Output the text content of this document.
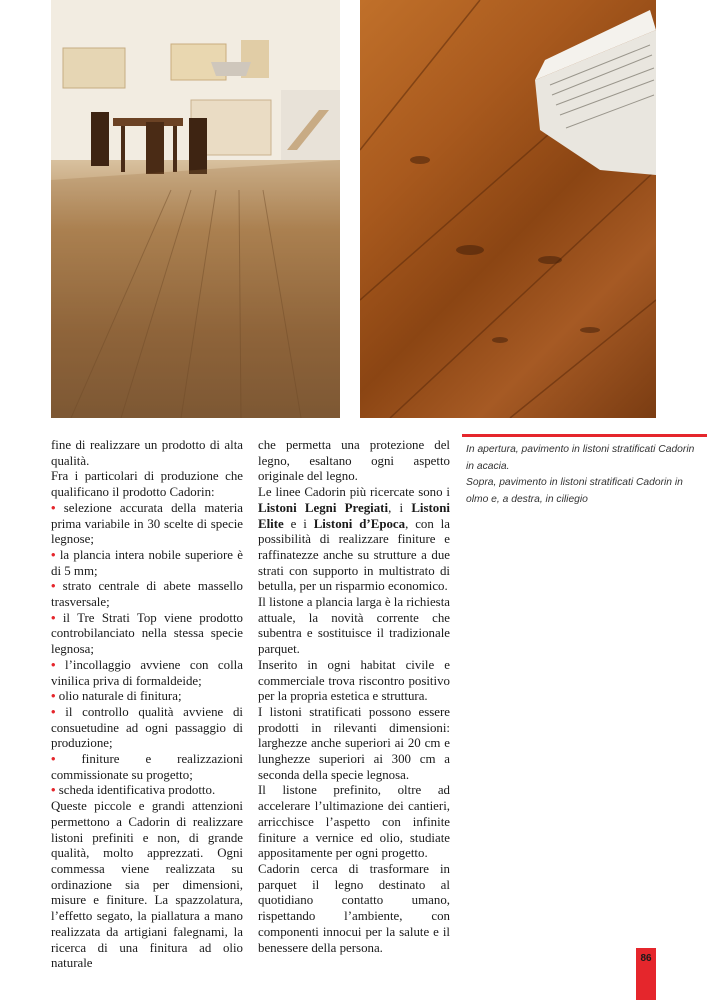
fine di realizzare un prodotto di alta qualità.

Fra i particolari di produzione che qualificano il prodotto Cadorin:

• selezione accurata della materia prima variabile in 30 scelte di specie legnose;
• la plancia intera nobile superiore è di 5 mm;
• strato centrale di abete massello trasversale;
• il Tre Strati Top viene prodotto controbilanciato nella stessa specie legnosa;
• l’incollaggio avviene con colla vinilica priva di formaldeide;
• olio naturale di finitura;
• il controllo qualità avviene di consuetudine ad ogni passaggio di produzione;
• finiture e realizzazioni commissionate su progetto;
• scheda identificativa prodotto.

Queste piccole e grandi attenzioni permettono a Cadorin di realizzare listoni prefiniti e non, di grande qualità, molto apprezzati. Ogni commessa viene realizzata su ordinazione sia per dimensioni, misure e finiture. La spazzolatura, l’effetto segato, la piallatura a mano realizzata da artigiani falegnami, la ricerca di una finitura ad olio naturale

che permetta una protezione del legno, esaltano ogni aspetto originale del legno.

Le linee Cadorin più ricercate sono i Listoni Legni Pregiati, i Listoni Elite e i Listoni d’Epoca, con la possibilità di realizzare finiture e raffinatezze anche su strutture a due strati con supporto in multistrato di betulla, per un risparmio economico.

Il listone a plancia larga è la richiesta attuale, la novità corrente che subentra e sostituisce il tradizionale parquet.

Inserito in ogni habitat civile e commerciale trova riscontro positivo per la propria estetica e struttura.

I listoni stratificati possono essere prodotti in rilevanti dimensioni: larghezze anche superiori ai 20 cm e lunghezze superiori ai 300 cm a seconda della specie legnosa.

Il listone prefinito, oltre ad accelerare l’ultimazione dei cantieri, arricchisce l’aspetto con infinite finiture a vernice ed olio, studiate appositamente per ogni progetto.

Cadorin cerca di trasformare in parquet il legno destinato al quotidiano contatto umano, rispettando l’ambiente, con componenti innocui per la salute e il benessere della persona.

In apertura, pavimento in listoni stratificati Cadorin in acacia.

Sopra, pavimento in listoni stratificati Cadorin in olmo e, a destra, in ciliegio

86
